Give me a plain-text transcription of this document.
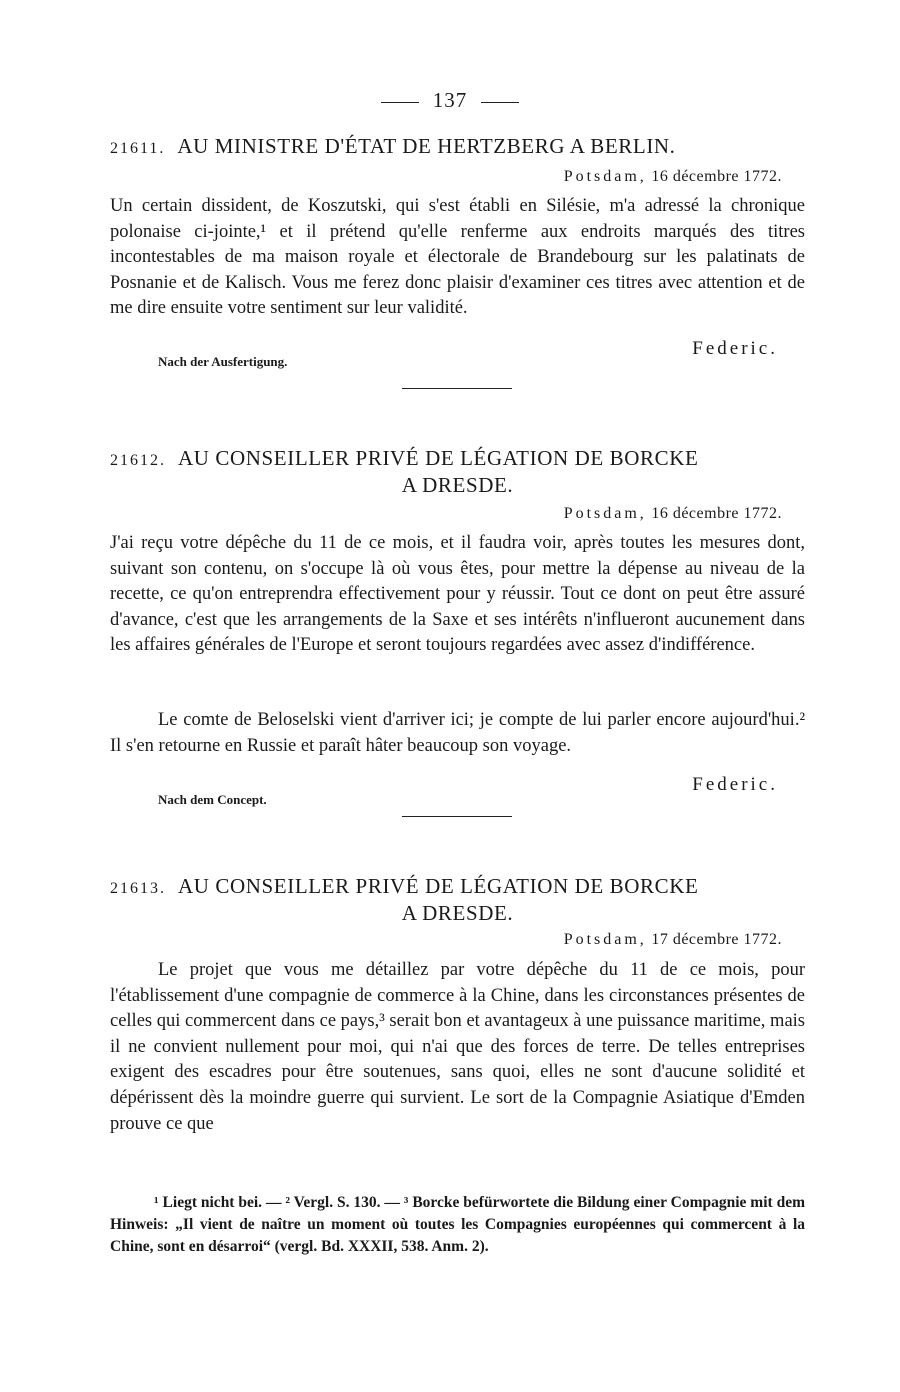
137
21611. AU MINISTRE D'ÉTAT DE HERTZBERG A BERLIN.
Potsdam, 16 décembre 1772.
Un certain dissident, de Koszutski, qui s'est établi en Silésie, m'a adressé la chronique polonaise ci-jointe,¹ et il prétend qu'elle renferme aux endroits marqués des titres incontestables de ma maison royale et électorale de Brandebourg sur les palatinats de Posnanie et de Kalisch. Vous me ferez donc plaisir d'examiner ces titres avec attention et de me dire ensuite votre sentiment sur leur validité.
Federic.
Nach der Ausfertigung.
21612. AU CONSEILLER PRIVÉ DE LÉGATION DE BORCKE
A DRESDE.
Potsdam, 16 décembre 1772.
J'ai reçu votre dépêche du 11 de ce mois, et il faudra voir, après toutes les mesures dont, suivant son contenu, on s'occupe là où vous êtes, pour mettre la dépense au niveau de la recette, ce qu'on entreprendra effectivement pour y réussir. Tout ce dont on peut être assuré d'avance, c'est que les arrangements de la Saxe et ses intérêts n'influeront aucunement dans les affaires générales de l'Europe et seront toujours regardées avec assez d'indifférence.
Le comte de Beloselski vient d'arriver ici; je compte de lui parler encore aujourd'hui.² Il s'en retourne en Russie et paraît hâter beaucoup son voyage.
Federic.
Nach dem Concept.
21613. AU CONSEILLER PRIVÉ DE LÉGATION DE BORCKE
A DRESDE.
Potsdam, 17 décembre 1772.
Le projet que vous me détaillez par votre dépêche du 11 de ce mois, pour l'établissement d'une compagnie de commerce à la Chine, dans les circonstances présentes de celles qui commercent dans ce pays,³ serait bon et avantageux à une puissance maritime, mais il ne convient nullement pour moi, qui n'ai que des forces de terre. De telles entreprises exigent des escadres pour être soutenues, sans quoi, elles ne sont d'aucune solidité et dépérissent dès la moindre guerre qui survient. Le sort de la Compagnie Asiatique d'Emden prouve ce que
¹ Liegt nicht bei. — ² Vergl. S. 130. — ³ Borcke befürwortete die Bildung einer Compagnie mit dem Hinweis: „Il vient de naître un moment où toutes les Compagnies européennes qui commercent à la Chine, sont en désarroi“ (vergl. Bd. XXXII, 538. Anm. 2).
